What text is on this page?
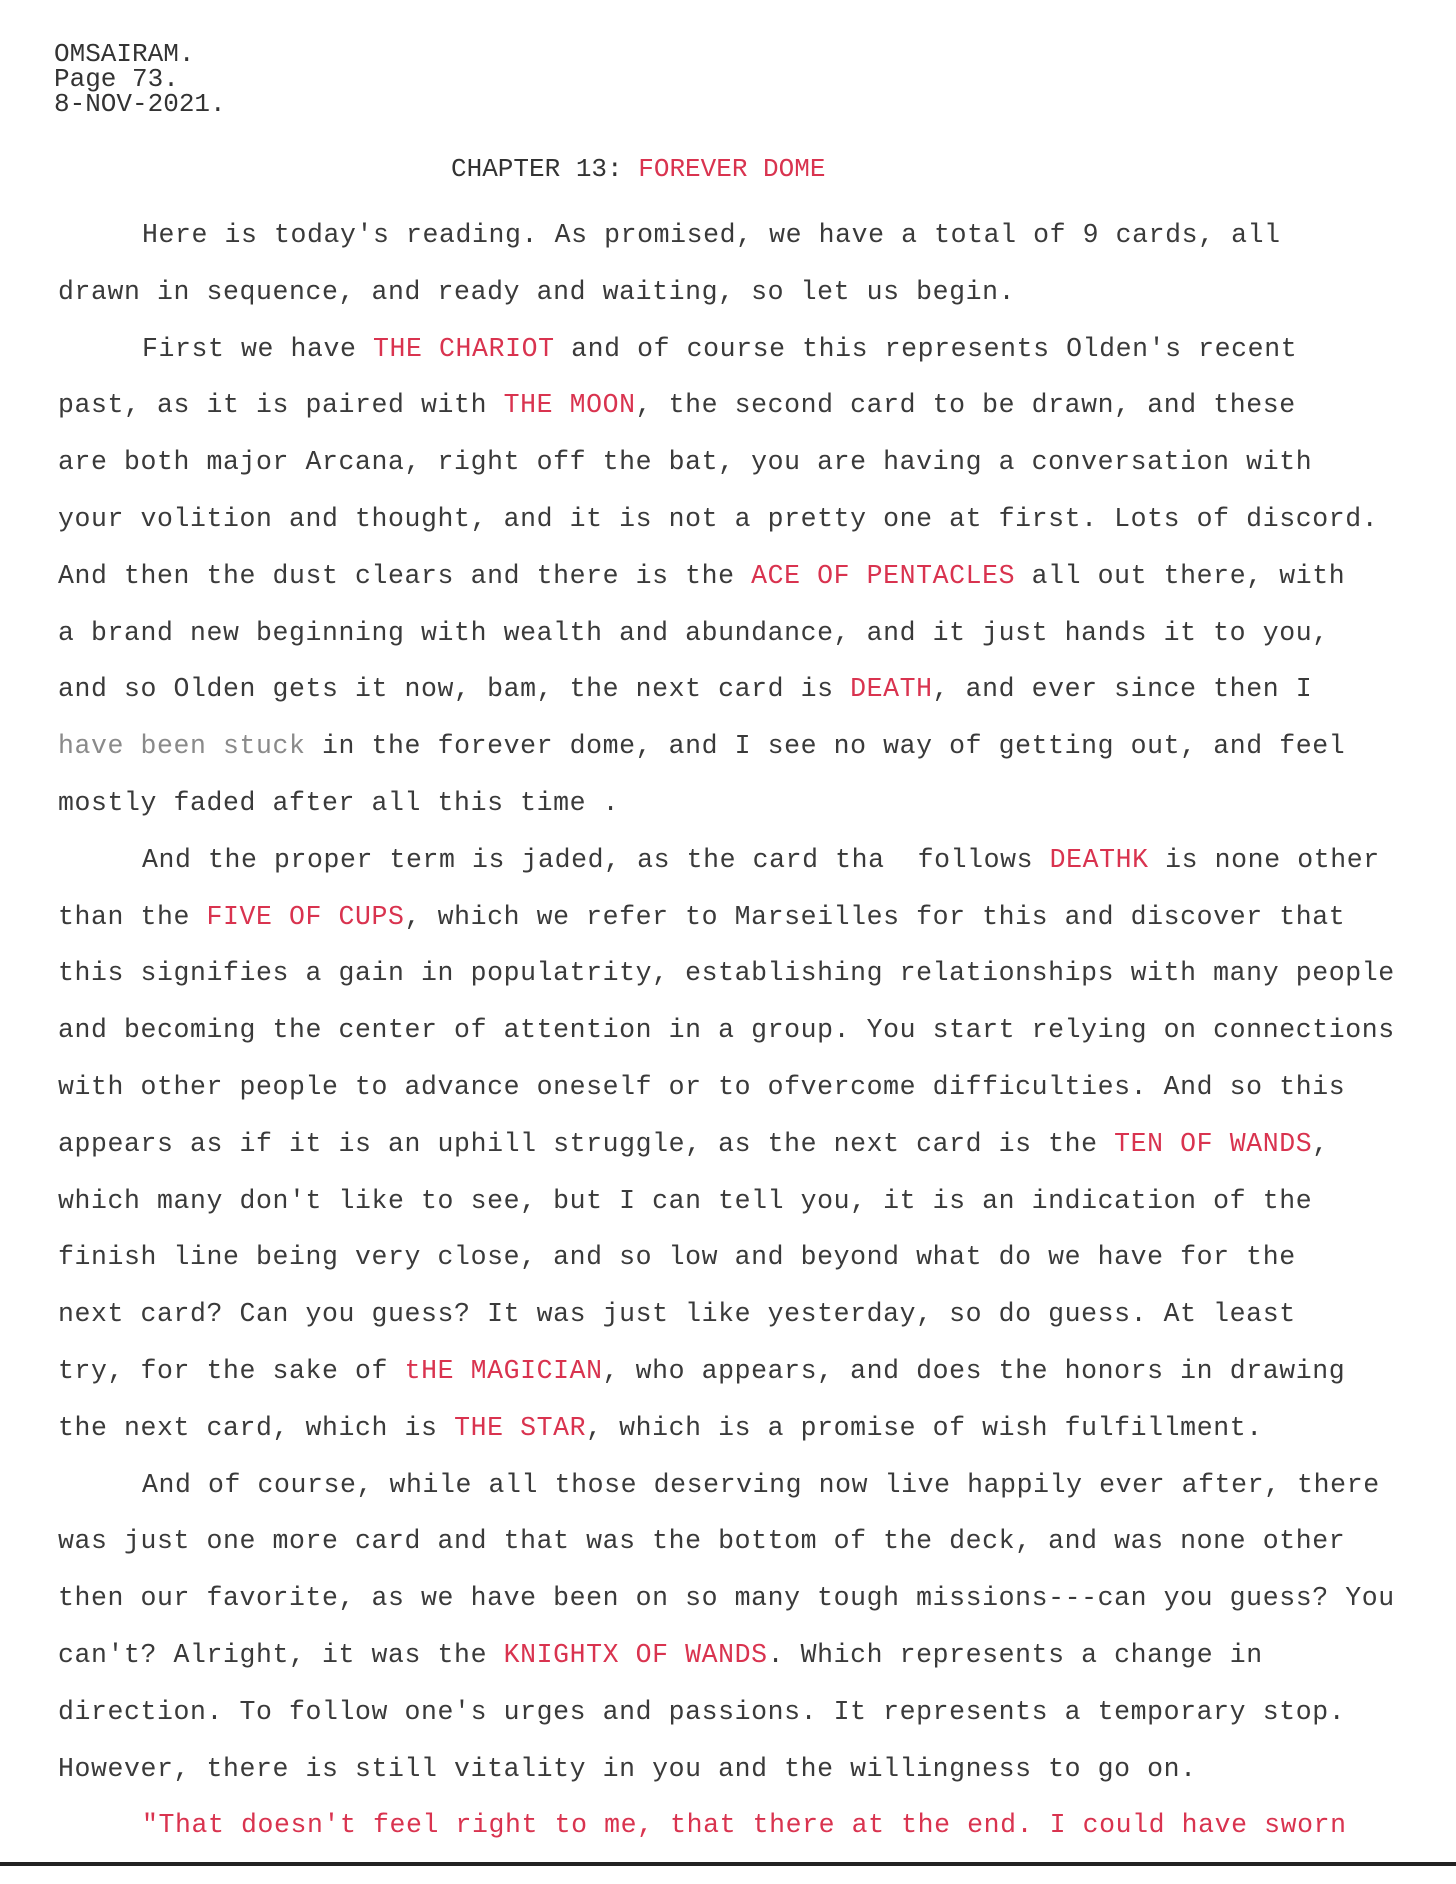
OMSAIRAM.
Page 73.
8-NOV-2021.
CHAPTER 13: FOREVER DOME
Here is today's reading. As promised, we have a total of 9 cards, all
drawn in sequence, and ready and waiting, so let us begin.
First we have THE CHARIOT and of course this represents Olden's recent
past, as it is paired with THE MOON, the second card to be drawn, and these
are both major Arcana, right off the bat, you are having a conversation with
your volition and thought, and it is not a pretty one at first. Lots of discord.
And then the dust clears and there is the ACE OF PENTACLES all out there, with
a brand new beginning with wealth and abundance, and it just hands it to you,
and so Olden gets it now, bam, the next card is DEATH, and ever since then I
have been stuck in the forever dome, and I see no way of getting out, and feel
mostly faded after all this time .
And the proper term is jaded, as the card tha  follows DEATHK is none other
than the FIVE OF CUPS, which we refer to Marseilles for this and discover that
this signifies a gain in populatrity, establishing relationships with many people
and becoming the center of attention in a group. You start relying on connections
with other people to advance oneself or to ofvercome difficulties. And so this
appears as if it is an uphill struggle, as the next card is the TEN OF WANDS,
which many don't like to see, but I can tell you, it is an indication of the
finish line being very close, and so low and beyond what do we have for the
next card? Can you guess? It was just like yesterday, so do guess. At least
try, for the sake of tHE MAGICIAN, who appears, and does the honors in drawing
the next card, which is THE STAR, which is a promise of wish fulfillment.
And of course, while all those deserving now live happily ever after, there
was just one more card and that was the bottom of the deck, and was none other
then our favorite, as we have been on so many tough missions---can you guess? You
can't? Alright, it was the KNIGHTX OF WANDS. Which represents a change in
direction. To follow one's urges and passions. It represents a temporary stop.
However, there is still vitality in you and the willingness to go on.
"That doesn't feel right to me, that there at the end. I could have sworn
